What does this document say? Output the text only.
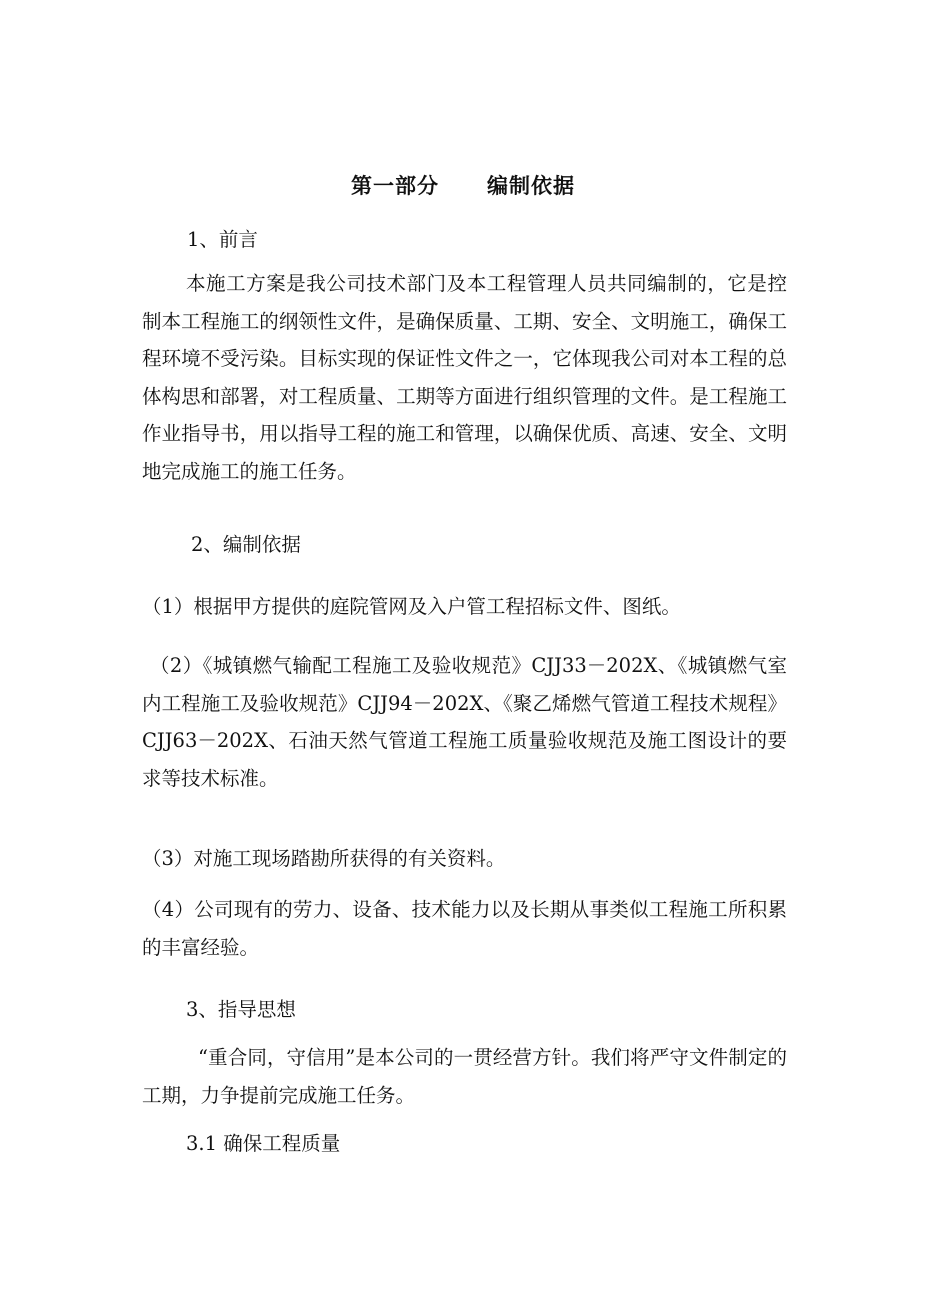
第一部分 编制依据
1、前言
本施工方案是我公司技术部门及本工程管理人员共同编制的，它是控制本工程施工的纲领性文件，是确保质量、工期、安全、文明施工，确保工程环境不受污染。目标实现的保证性文件之一，它体现我公司对本工程的总体构思和部署，对工程质量、工期等方面进行组织管理的文件。是工程施工作业指导书，用以指导工程的施工和管理，以确保优质、高速、安全、文明地完成施工的施工任务。
2、编制依据
（1）根据甲方提供的庭院管网及入户管工程招标文件、图纸。
（2）《城镇燃气输配工程施工及验收规范》CJJ33－202X、《城镇燃气室内工程施工及验收规范》CJJ94－202X、《聚乙烯燃气管道工程技术规程》CJJ63－202X、石油天然气管道工程施工质量验收规范及施工图设计的要求等技术标准。
（3）对施工现场踏勘所获得的有关资料。
（4）公司现有的劳力、设备、技术能力以及长期从事类似工程施工所积累的丰富经验。
3、指导思想
“重合同，守信用”是本公司的一贯经营方针。我们将严守文件制定的工期，力争提前完成施工任务。
3.1 确保工程质量
